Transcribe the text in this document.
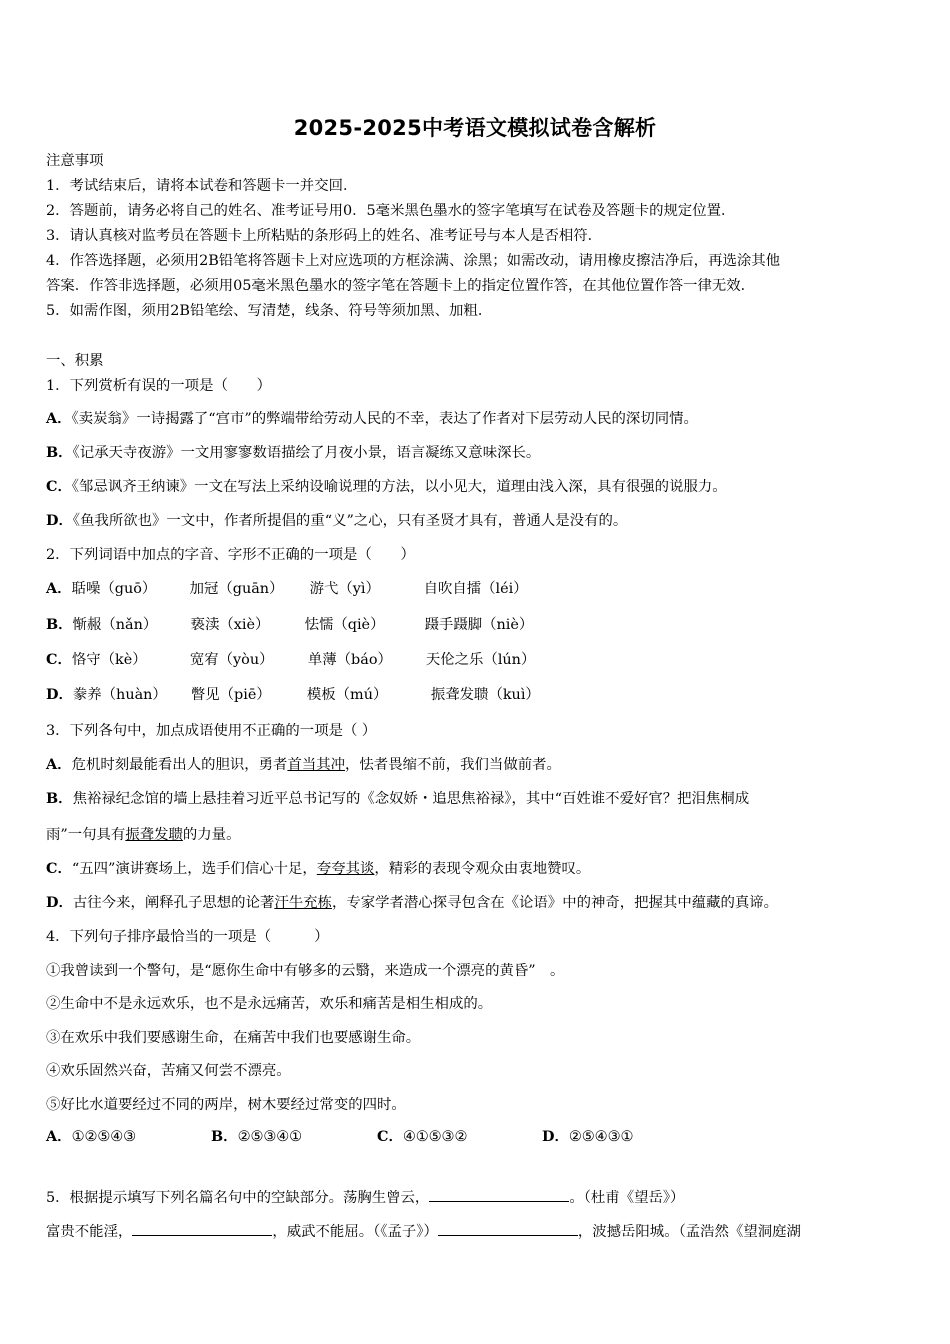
2025-2025中考语文模拟试卷含解析
注意事项
1．考试结束后，请将本试卷和答题卡一并交回．
2．答题前，请务必将自己的姓名、准考证号用0．5毫米黑色墨水的签字笔填写在试卷及答题卡的规定位置．
3．请认真核对监考员在答题卡上所粘贴的条形码上的姓名、准考证号与本人是否相符．
4．作答选择题，必须用2B铅笔将答题卡上对应选项的方框涂满、涂黑；如需改动，请用橡皮擦洁净后，再选涂其他
答案．作答非选择题，必须用05毫米黑色墨水的签字笔在答题卡上的指定位置作答，在其他位置作答一律无效．
5．如需作图，须用2B铅笔绘、写清楚，线条、符号等须加黑、加粗．
一、积累
1．下列赏析有误的一项是（　　）
A．《卖炭翁》一诗揭露了“宫市”的弊端带给劳动人民的不幸，表达了作者对下层劳动人民的深切同情。
B．《记承天寺夜游》一文用寥寥数语描绘了月夜小景，语言凝练又意味深长。
C．《邹忌讽齐王纳谏》一文在写法上采纳设喻说理的方法，以小见大，道理由浅入深，具有很强的说服力。
D．《鱼我所欲也》一文中，作者所提倡的重“义”之心，只有圣贤才具有，普通人是没有的。
2．下列词语中加点的字音、字形不正确的一项是（　　）
A．聒噪（guō） 加冠（guān） 游弋（yì）	自吹自擂（léi）
B．惭赧（nǎn） 亵渎（xiè） 怯懦（qiè）	蹑手蹑脚（niè）
C．恪守（kè）	宽宥（yòu） 单薄（báo） 天伦之乐（lún）
D．豢养（huàn） 瞥见（piē）	模板（mú）	振聋发聩（kuì）
3．下列各句中，加点成语使用不正确的一项是（ ）
A．危机时刻最能看出人的胆识，勇者首当其冲，怯者畏缩不前，我们当做前者。
B．焦裕禄纪念馆的墙上悬挂着习近平总书记写的《念奴娇・追思焦裕禄》，其中“百姓谁不爱好官？把泪焦桐成
雨”一句具有振聋发聩的力量。
C．“五四”演讲赛场上，选手们信心十足，夸夸其谈，精彩的表现令观众由衷地赞叹。
D．古往今来，阐释孔子思想的论著汗牛充栋，专家学者潜心探寻包含在《论语》中的神奇，把握其中蕴藏的真谛。
4．下列句子排序最恰当的一项是（　　　）
①我曾读到一个警句，是“愿你生命中有够多的云翳，来造成一个漂亮的黄昏”　。
②生命中不是永远欢乐，也不是永远痛苦，欢乐和痛苦是相生相成的。
③在欢乐中我们要感谢生命，在痛苦中我们也要感谢生命。
④欢乐固然兴奋，苦痛又何尝不漂亮。
⑤好比水道要经过不同的两岸，树木要经过常变的四时。
A．①②⑤④③	B．②⑤③④①	C．④①⑤③②	D．②⑤④③①
5．根据提示填写下列名篇名句中的空缺部分。荡胸生曾云，	。（杜甫《望岳》）
富贵不能淫，	，威武不能屈。（《孟子》）	，波撼岳阳城。（孟浩然《望洞庭湖
